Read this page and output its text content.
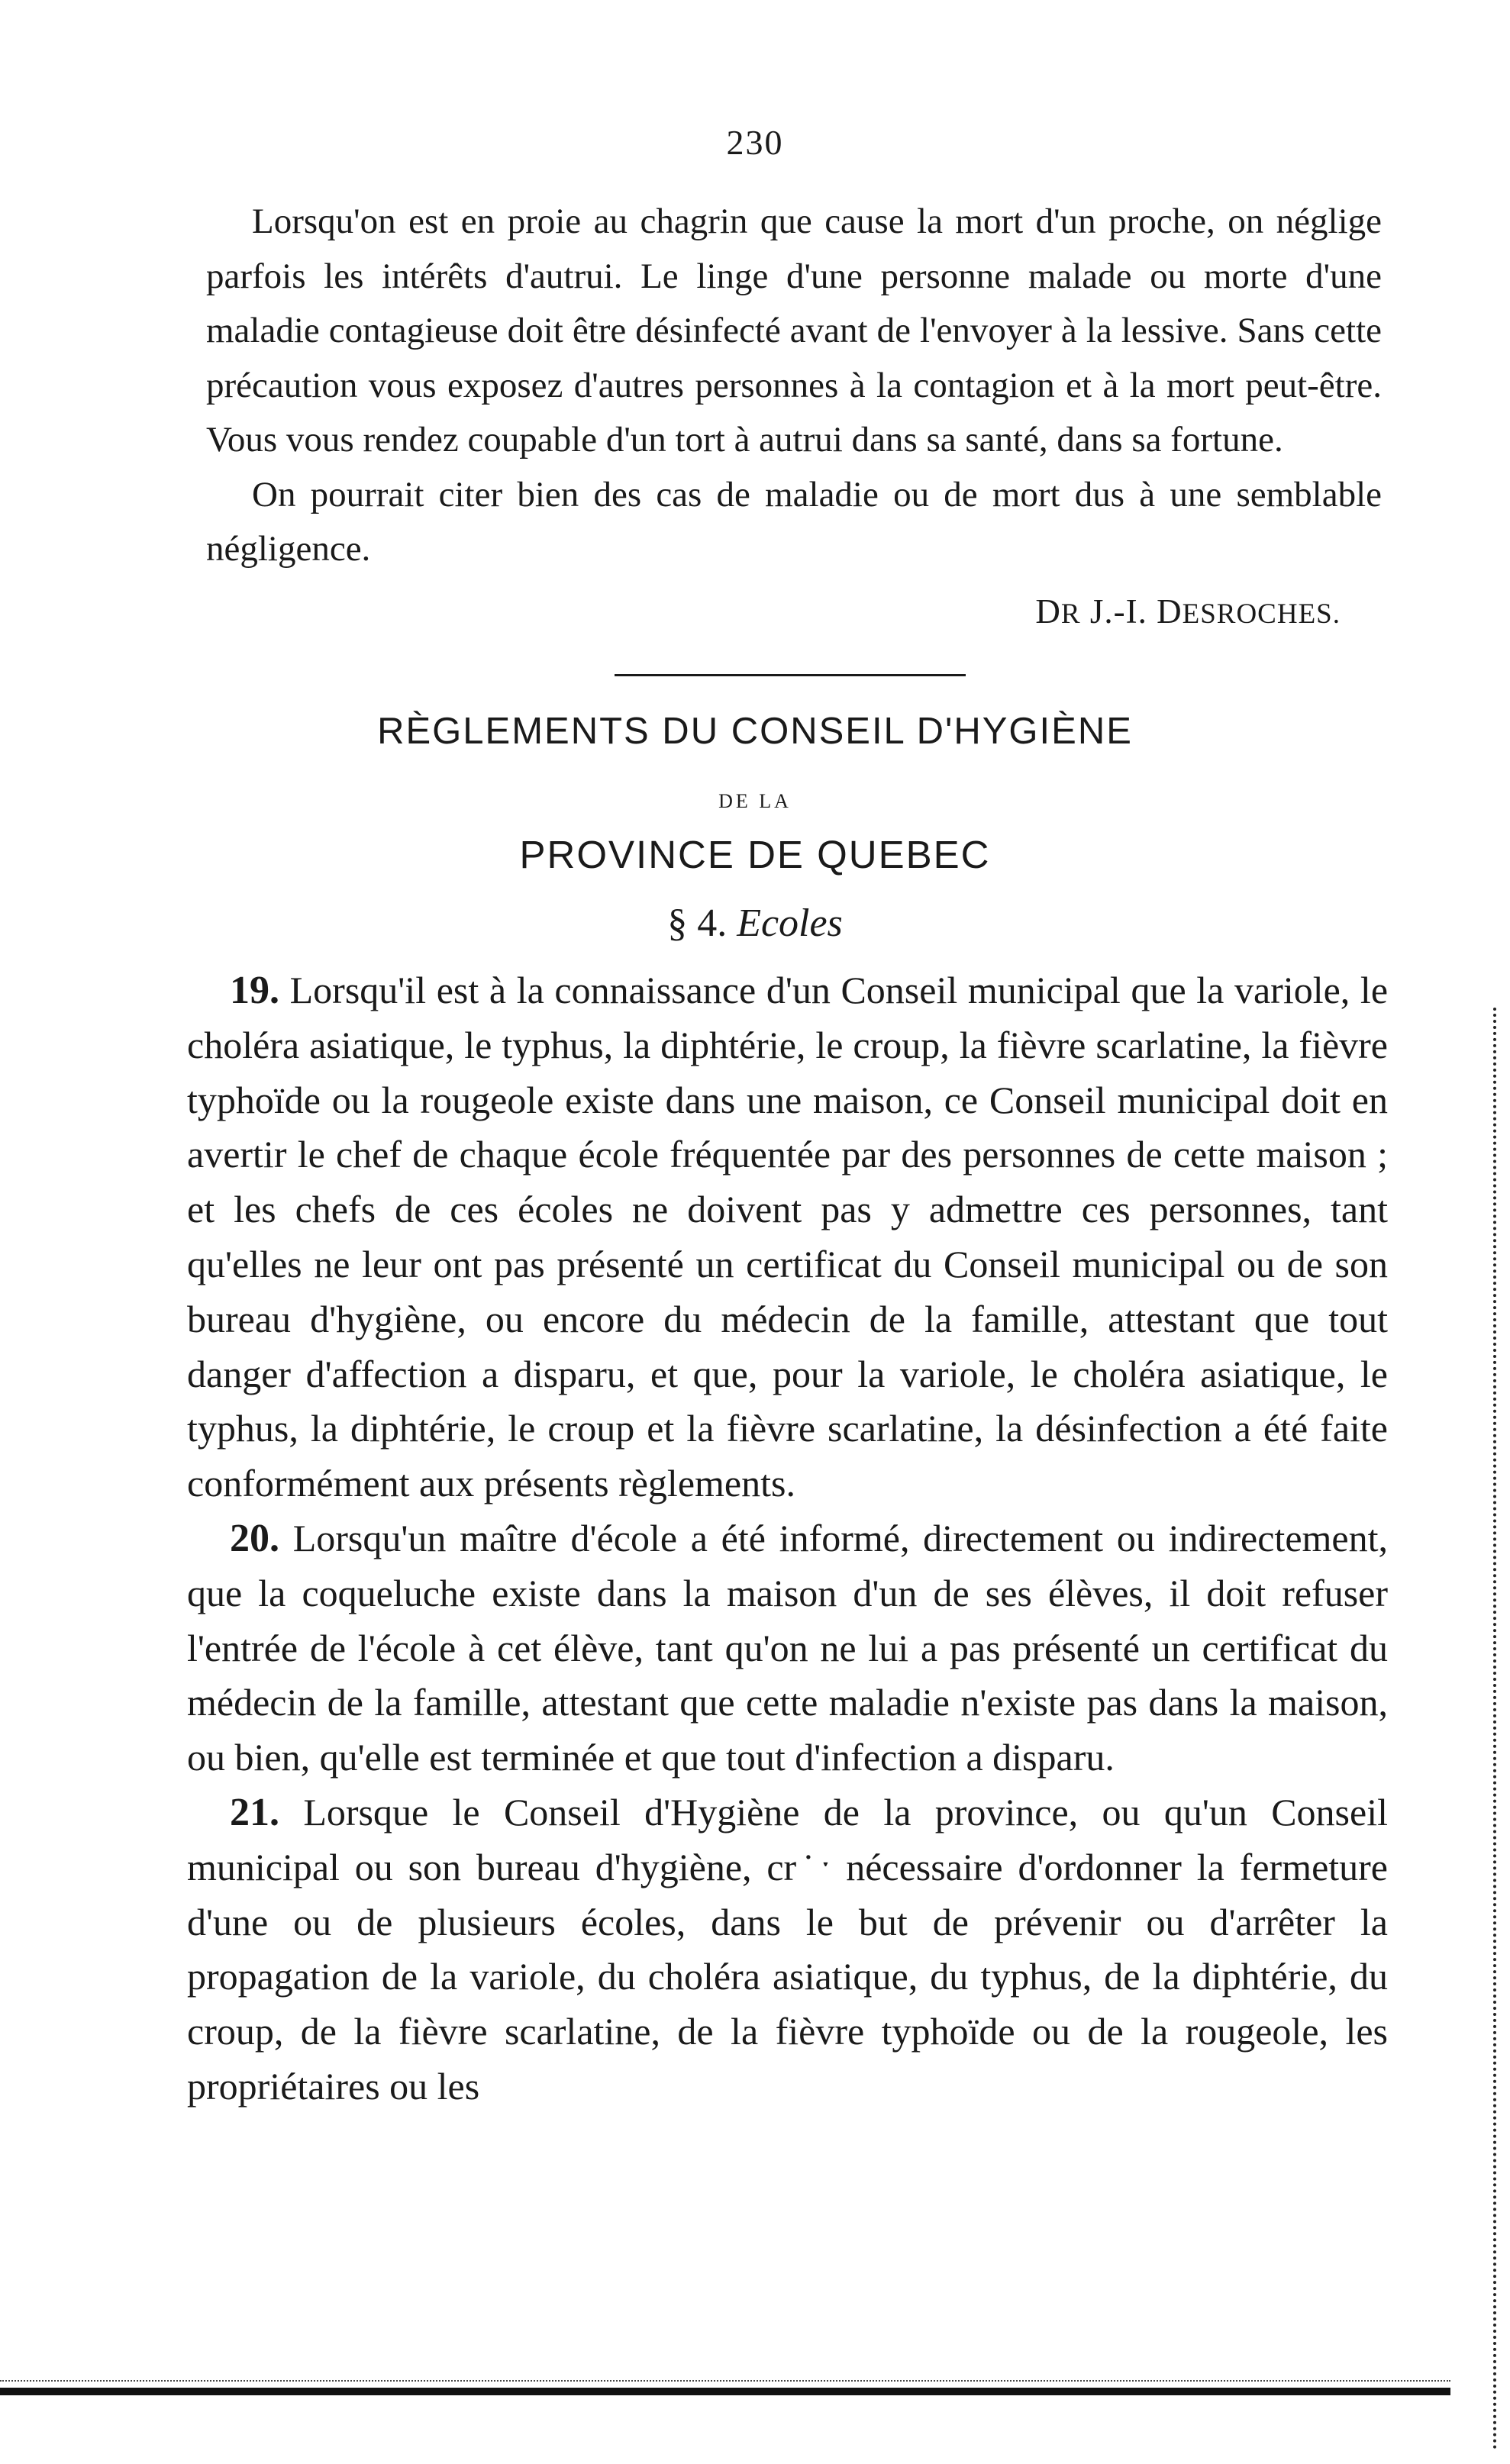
230

Lorsqu'on est en proie au chagrin que cause la mort d'un proche, on néglige parfois les intérêts d'autrui. Le linge d'une personne malade ou morte d'une maladie contagieuse doit être désinfecté avant de l'envoyer à la lessive. Sans cette précaution vous exposez d'autres personnes à la contagion et à la mort peut-être. Vous vous rendez coupable d'un tort à autrui dans sa santé, dans sa fortune.

On pourrait citer bien des cas de maladie ou de mort dus à une semblable négligence.

DR J.-I. DESROCHES.
RÈGLEMENTS DU CONSEIL D'HYGIÈNE
DE LA
PROVINCE DE QUEBEC
§ 4. Ecoles

19. Lorsqu'il est à la connaissance d'un Conseil municipal que la variole, le choléra asiatique, le typhus, la diphtérie, le croup, la fièvre scarlatine, la fièvre typhoïde ou la rougeole existe dans une maison, ce Conseil municipal doit en avertir le chef de chaque école fréquentée par des personnes de cette maison ; et les chefs de ces écoles ne doivent pas y admettre ces personnes, tant qu'elles ne leur ont pas présenté un certificat du Conseil municipal ou de son bureau d'hygiène, ou encore du médecin de la famille, attestant que tout danger d'affection a disparu, et que, pour la variole, le choléra asiatique, le typhus, la diphtérie, le croup et la fièvre scarlatine, la désinfection a été faite conformément aux présents règlements.

20. Lorsqu'un maître d'école a été informé, directement ou indirectement, que la coqueluche existe dans la maison d'un de ses élèves, il doit refuser l'entrée de l'école à cet élève, tant qu'on ne lui a pas présenté un certificat du médecin de la famille, attestant que cette maladie n'existe pas dans la maison, ou bien, qu'elle est terminée et que tout d'infection a disparu.

21. Lorsque le Conseil d'Hygiène de la province, ou qu'un Conseil municipal ou son bureau d'hygiène, cr˙ˑ nécessaire d'ordonner la fermeture d'une ou de plusieurs écoles, dans le but de prévenir ou d'arrêter la propagation de la variole, du choléra asiatique, du typhus, de la diphtérie, du croup, de la fièvre scarlatine, de la fièvre typhoïde ou de la rougeole, les propriétaires ou les
